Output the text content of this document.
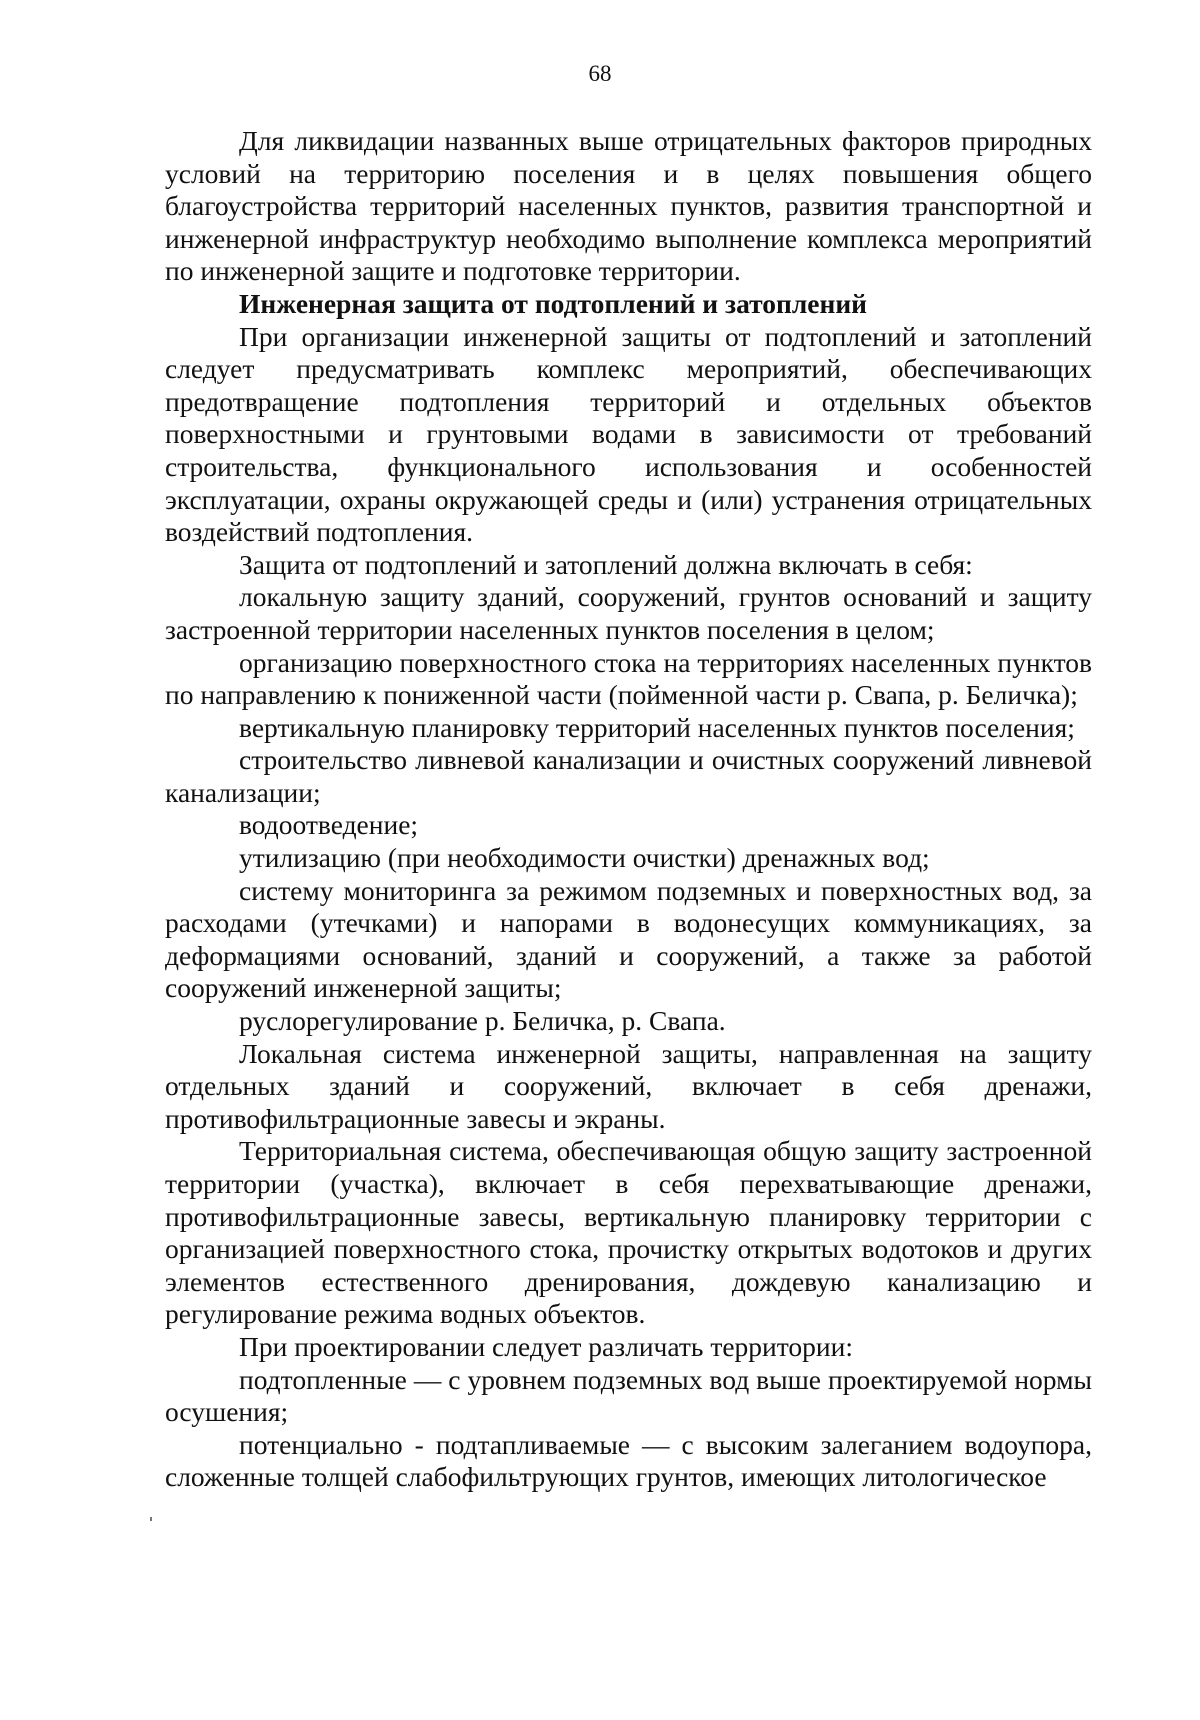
68

Для ликвидации названных выше отрицательных факторов природных условий на территорию поселения и в целях повышения общего благоустройства территорий населенных пунктов, развития транспортной и инженерной инфраструктур необходимо выполнение комплекса мероприятий по инженерной защите и подготовке территории.

Инженерная защита от подтоплений и затоплений

При организации инженерной защиты от подтоплений и затоплений следует предусматривать комплекс мероприятий, обеспечивающих предотвращение подтопления территорий и отдельных объектов поверхностными и грунтовыми водами в зависимости от требований строительства, функционального использования и особенностей эксплуатации, охраны окружающей среды и (или) устранения отрицательных воздействий подтопления.

Защита от подтоплений и затоплений должна включать в себя:

локальную защиту зданий, сооружений, грунтов оснований и защиту застроенной территории населенных пунктов поселения в целом;

организацию поверхностного стока на территориях населенных пунктов по направлению к пониженной части (пойменной части р. Свапа, р. Беличка);

вертикальную планировку территорий населенных пунктов поселения;

строительство ливневой канализации и очистных сооружений ливневой канализации;

водоотведение;

утилизацию (при необходимости очистки) дренажных вод;

систему мониторинга за режимом подземных и поверхностных вод, за расходами (утечками) и напорами в водонесущих коммуникациях, за деформациями оснований, зданий и сооружений, а также за работой сооружений инженерной защиты;

руслорегулирование р. Беличка, р. Свапа.

Локальная система инженерной защиты, направленная на защиту отдельных зданий и сооружений, включает в себя дренажи, противофильтрационные завесы и экраны.

Территориальная система, обеспечивающая общую защиту застроенной территории (участка), включает в себя перехватывающие дренажи, противофильтрационные завесы, вертикальную планировку территории с организацией поверхностного стока, прочистку открытых водотоков и других элементов естественного дренирования, дождевую канализацию и регулирование режима водных объектов.

При проектировании следует различать территории:

подтопленные — с уровнем подземных вод выше проектируемой нормы осушения;

потенциально - подтапливаемые — с высоким залеганием водоупора, сложенные толщей слабофильтрующих грунтов, имеющих литологическое
